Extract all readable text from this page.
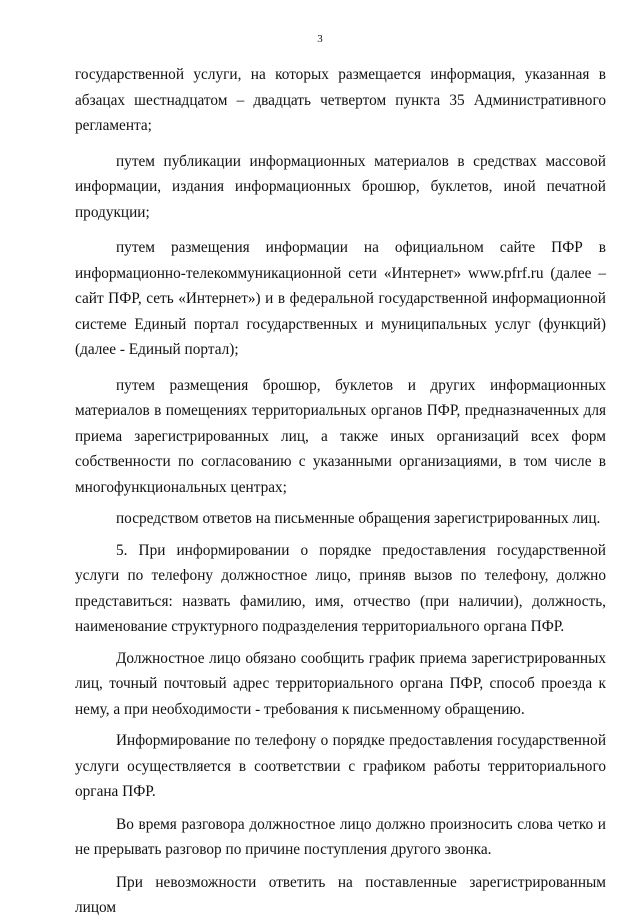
3

государственной услуги, на которых размещается информация, указанная в абзацах шестнадцатом – двадцать четвертом пункта 35 Административного регламента;

путем публикации информационных материалов в средствах массовой информации, издания информационных брошюр, буклетов, иной печатной продукции;

путем размещения информации на официальном сайте ПФР в информационно-телекоммуникационной сети «Интернет» www.pfrf.ru (далее – сайт ПФР, сеть «Интернет») и в федеральной государственной информационной системе Единый портал государственных и муниципальных услуг (функций) (далее - Единый портал);

путем размещения брошюр, буклетов и других информационных материалов в помещениях территориальных органов ПФР, предназначенных для приема зарегистрированных лиц, а также иных организаций всех форм собственности по согласованию с указанными организациями, в том числе в многофункциональных центрах;

посредством ответов на письменные обращения зарегистрированных лиц.

5. При информировании о порядке предоставления государственной услуги по телефону должностное лицо, приняв вызов по телефону, должно представиться: назвать фамилию, имя, отчество (при наличии), должность, наименование структурного подразделения территориального органа ПФР.

Должностное лицо обязано сообщить график приема зарегистрированных лиц, точный почтовый адрес территориального органа ПФР, способ проезда к нему, а при необходимости - требования к письменному обращению.

Информирование по телефону о порядке предоставления государственной услуги осуществляется в соответствии с графиком работы территориального органа ПФР.

Во время разговора должностное лицо должно произносить слова четко и не прерывать разговор по причине поступления другого звонка.

При невозможности ответить на поставленные зарегистрированным лицом
